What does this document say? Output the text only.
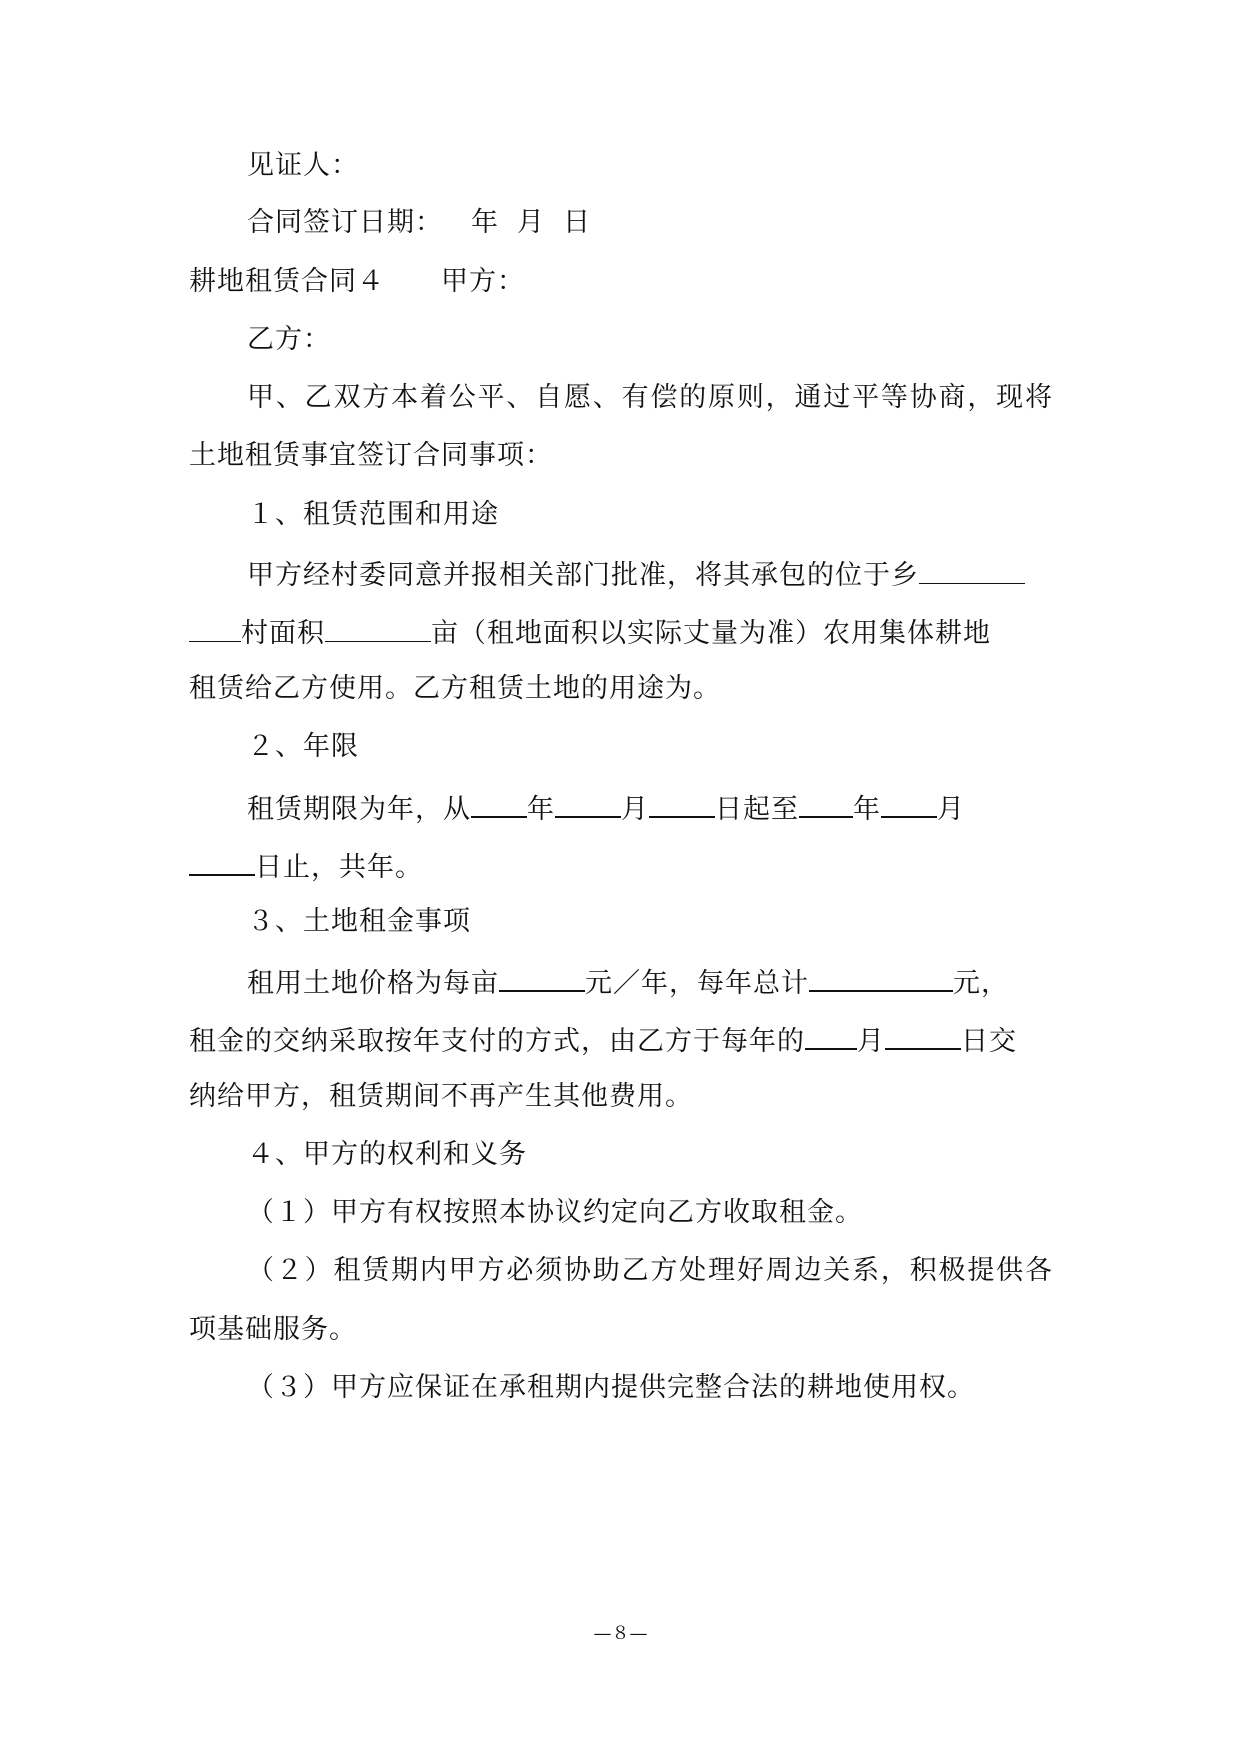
见证人：

合同签订日期： 年 月 日

耕地租赁合同４ 甲方：

乙方：

甲、乙双方本着公平、自愿、有偿的原则，通过平等协商，现将

土地租赁事宜签订合同事项：

１、租赁范围和用途

甲方经村委同意并报相关部门批准，将其承包的位于乡

村面积	亩（租地面积以实际丈量为准）农用集体耕地

租赁给乙方使用。乙方租赁土地的用途为。

２、年限

租赁期限为年，从 年 月 日起至 年 月

日止，共年。

３、土地租金事项

租用土地价格为每亩	元／年，每年总计	元，

租金的交纳采取按年支付的方式，由乙方于每年的 月	日交

纳给甲方，租赁期间不再产生其他费用。

４、甲方的权利和义务

（１）甲方有权按照本协议约定向乙方收取租金。

（２）租赁期内甲方必须协助乙方处理好周边关系，积极提供各

项基础服务。

（３）甲方应保证在承租期内提供完整合法的耕地使用权。

—８—
